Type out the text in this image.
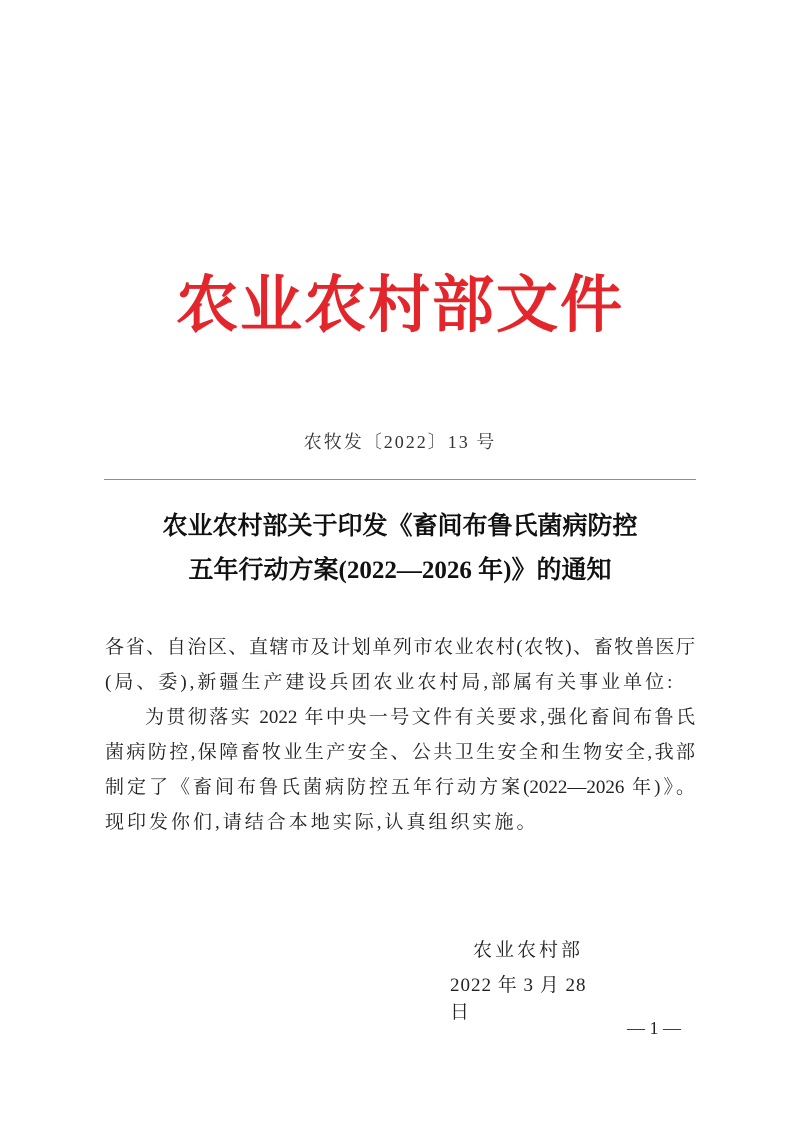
农业农村部文件
农牧发〔2022〕13 号
农业农村部关于印发《畜间布鲁氏菌病防控
五年行动方案(2022—2026 年)》的通知
各省、自治区、直辖市及计划单列市农业农村(农牧)、畜牧兽医厅
(局、委),新疆生产建设兵团农业农村局,部属有关事业单位:
为贯彻落实 2022 年中央一号文件有关要求,强化畜间布鲁氏
菌病防控,保障畜牧业生产安全、公共卫生安全和生物安全,我部
制定了《畜间布鲁氏菌病防控五年行动方案(2022—2026 年)》。
现印发你们,请结合本地实际,认真组织实施。
农业农村部
2022 年 3 月 28 日
— 1 —
